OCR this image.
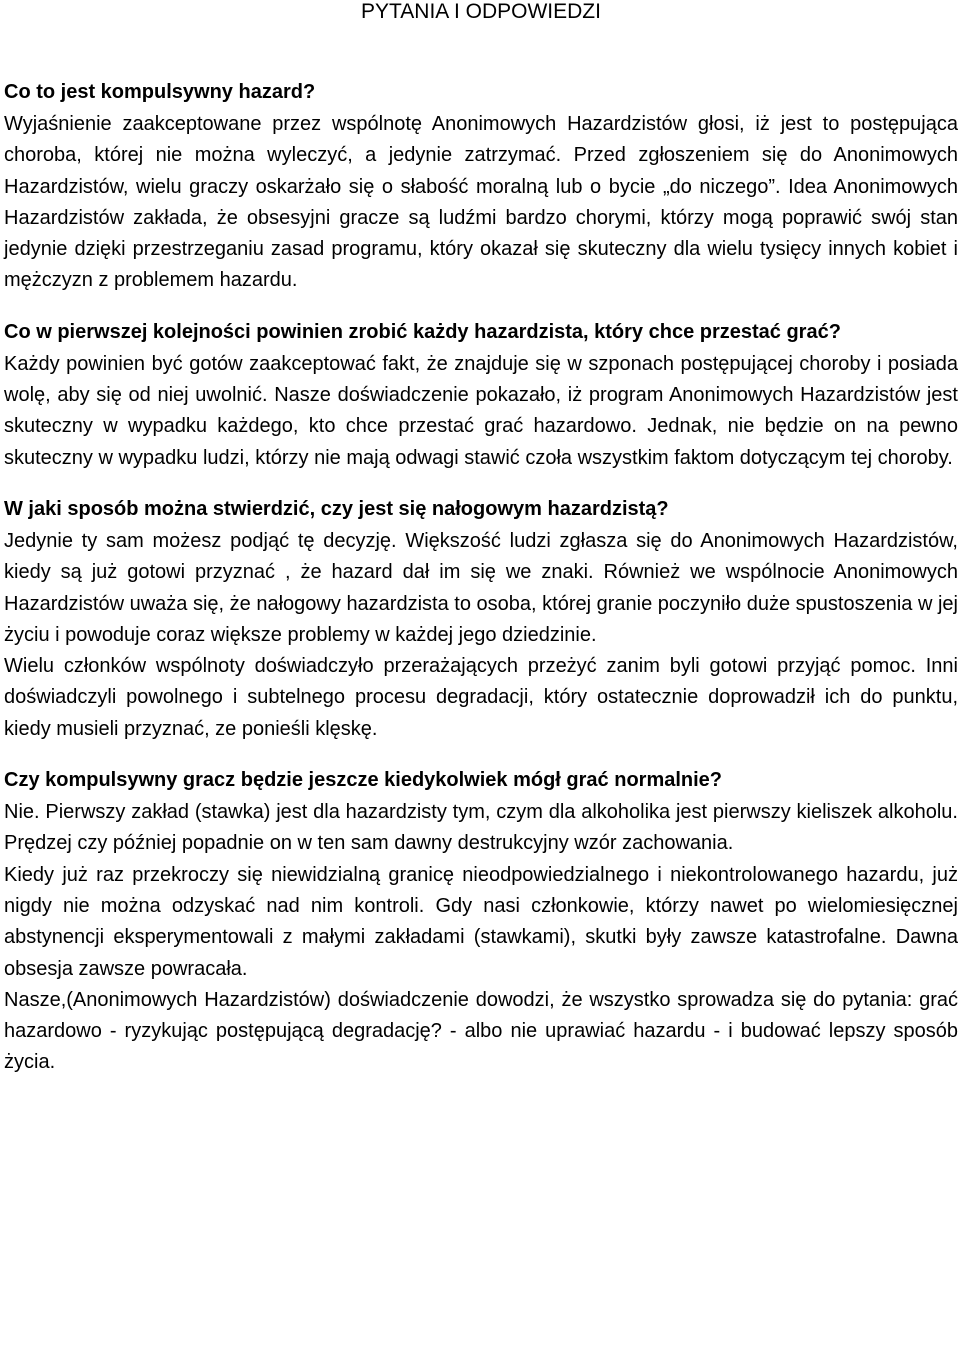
PYTANIA I ODPOWIEDZI
Co to jest kompulsywny hazard?

Wyjaśnienie zaakceptowane przez wspólnotę Anonimowych Hazardzistów głosi, iż jest to postępująca choroba, której nie można wyleczyć, a jedynie zatrzymać. Przed zgłoszeniem się do Anonimowych Hazardzistów, wielu graczy oskarżało się o słabość moralną lub o bycie „do niczego”. Idea Anonimowych Hazardzistów zakłada, że obsesyjni gracze są ludźmi bardzo chorymi, którzy mogą poprawić swój stan jedynie dzięki przestrzeganiu zasad programu, który okazał się skuteczny dla wielu tysięcy innych kobiet i mężczyzn z problemem hazardu.

Co w pierwszej kolejności powinien zrobić każdy hazardzista, który chce przestać grać?

Każdy powinien być gotów zaakceptować fakt, że znajduje się w szponach postępującej choroby i posiada wolę, aby się od niej uwolnić. Nasze doświadczenie pokazało, iż program Anonimowych Hazardzistów jest skuteczny w wypadku każdego, kto chce przestać grać hazardowo. Jednak, nie będzie on na pewno skuteczny w wypadku ludzi, którzy nie mają odwagi stawić czoła wszystkim faktom dotyczącym tej choroby.

W jaki sposób można stwierdzić, czy jest się nałogowym hazardzistą?

Jedynie ty sam możesz podjąć tę decyzję. Większość ludzi zgłasza się do Anonimowych Hazardzistów, kiedy są już gotowi przyznać , że hazard dał im się we znaki. Również we wspólnocie Anonimowych Hazardzistów uważa się, że nałogowy hazardzista to osoba, której granie poczyniło duże spustoszenia w jej życiu i powoduje coraz większe problemy w każdej jego dziedzinie.

Wielu członków wspólnoty doświadczyło przerażających przeżyć zanim byli gotowi przyjąć pomoc. Inni doświadczyli powolnego i subtelnego procesu degradacji, który ostatecznie doprowadził ich do punktu, kiedy musieli przyznać, ze ponieśli klęskę.

Czy kompulsywny gracz będzie jeszcze kiedykolwiek mógł grać normalnie?

Nie. Pierwszy zakład (stawka) jest dla hazardzisty tym, czym dla alkoholika jest pierwszy kieliszek alkoholu. Prędzej czy później popadnie on w ten sam dawny destrukcyjny wzór zachowania.

Kiedy już raz przekroczy się niewidzialną granicę nieodpowiedzialnego i niekontrolowanego hazardu, już nigdy nie można odzyskać nad nim kontroli. Gdy nasi członkowie, którzy nawet po wielomiesięcznej abstynencji eksperymentowali z małymi zakładami (stawkami), skutki były zawsze katastrofalne. Dawna obsesja zawsze powracała.

Nasze,(Anonimowych Hazardzistów) doświadczenie dowodzi, że wszystko sprowadza się do pytania: grać hazardowo - ryzykując postępującą degradację? - albo nie uprawiać hazardu - i budować lepszy sposób życia.
